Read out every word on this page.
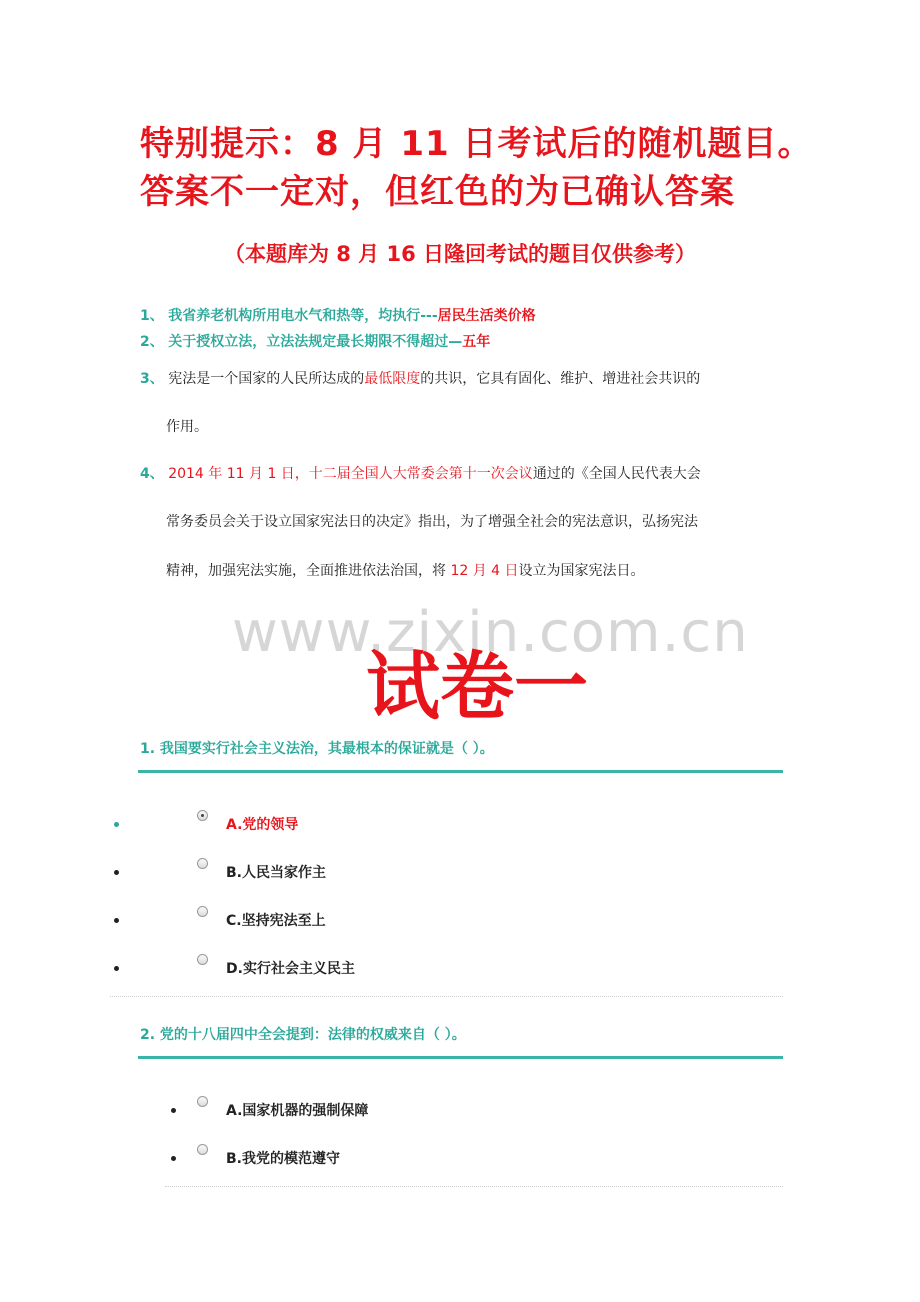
特别提示：8 月 11 日考试后的随机题目。
答案不一定对，但红色的为已确认答案
（本题库为 8 月 16 日隆回考试的题目仅供参考）
1、 我省养老机构所用电水气和热等，均执行---居民生活类价格
2、 关于授权立法，立法法规定最长期限不得超过—五年
3、 宪法是一个国家的人民所达成的最低限度的共识，它具有固化、维护、增进社会共识的
作用。
4、 2014 年 11 月 1 日，十二届全国人大常委会第十一次会议通过的《全国人民代表大会
常务委员会关于设立国家宪法日的决定》指出，为了增强全社会的宪法意识，弘扬宪法
精神，加强宪法实施，全面推进依法治国，将 12 月 4 日设立为国家宪法日。
www.zixin.com.cn
试卷一
1. 我国要实行社会主义法治，其最根本的保证就是（ ）。
A.党的领导
B.人民当家作主
C.坚持宪法至上
D.实行社会主义民主
2. 党的十八届四中全会提到：法律的权威来自（ ）。
A.国家机器的强制保障
B.我党的模范遵守
